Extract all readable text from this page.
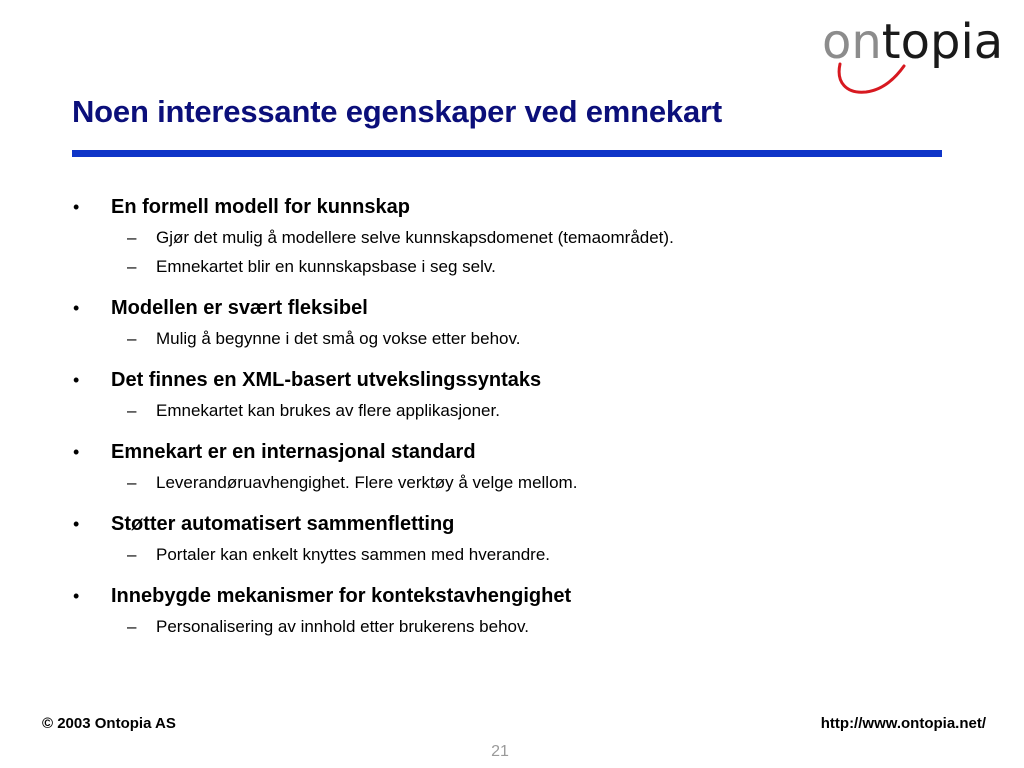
ontopia
Noen interessante egenskaper ved emnekart
• En formell modell for kunnskap
– Gjør det mulig å modellere selve kunnskapsdomenet (temaområdet).
– Emnekartet blir en kunnskapsbase i seg selv.
• Modellen er svært fleksibel
– Mulig å begynne i det små og vokse etter behov.
• Det finnes en XML-basert utvekslingssyntaks
– Emnekartet kan brukes av flere applikasjoner.
• Emnekart er en internasjonal standard
– Leverandøruavhengighet. Flere verktøy å velge mellom.
• Støtter automatisert sammenfletting
– Portaler kan enkelt knyttes sammen med hverandre.
• Innebygde mekanismer for kontekstavhengighet
– Personalisering av innhold etter brukerens behov.
© 2003 Ontopia AS	http://www.ontopia.net/
21
